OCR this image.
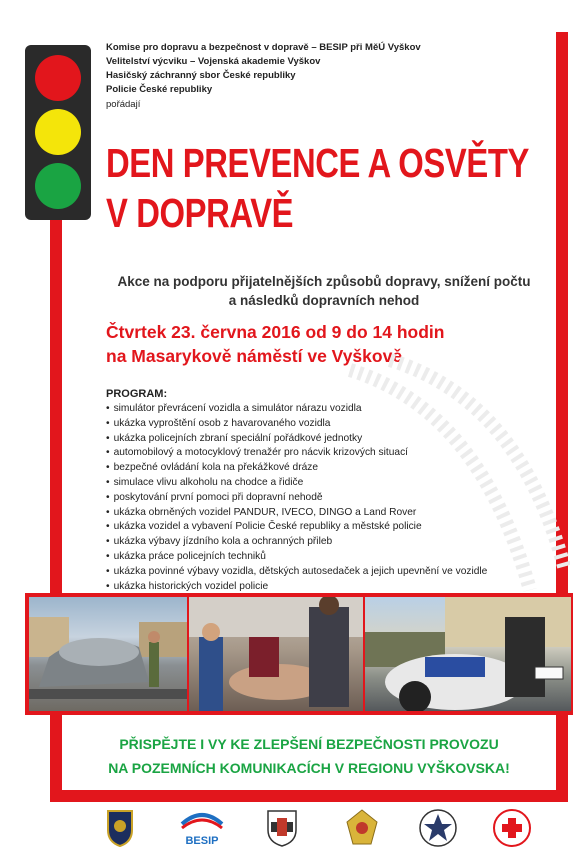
Komise pro dopravu a bezpečnost v dopravě – BESIP při MěÚ Vyškov
Velitelství výcviku – Vojenská akademie Vyškov
Hasičský záchranný sbor České republiky
Policie České republiky
pořádají
DEN PREVENCE A OSVĚTY
V DOPRAVĚ
Akce na podporu přijatelnějších způsobů dopravy, snížení počtu
a následků dopravních nehod
Čtvrtek 23. června 2016 od 9 do 14 hodin
na Masarykově náměstí ve Vyškově
PROGRAM:
• simulátor převrácení vozidla a simulátor nárazu vozidla
• ukázka vyproštění osob z havarovaného vozidla
• ukázka policejních zbraní speciální pořádkové jednotky
• automobilový a motocyklový trenažér pro nácvik krizových situací
• bezpečné ovládání kola na překážkové dráze
• simulace vlivu alkoholu na chodce a řidiče
• poskytování první pomoci při dopravní nehodě
• ukázka obrněných vozidel PANDUR, IVECO, DINGO a Land Rover
• ukázka vozidel a vybavení Policie České republiky a městské policie
• ukázka výbavy jízdního kola a ochranných přileb
• ukázka práce policejních techniků
• ukázka povinné výbavy vozidla, dětských autosedaček a jejich upevnění ve vozidle
• ukázka historických vozidel policie
PŘISPĚJTE I VY KE ZLEPŠENÍ BEZPEČNOSTI PROVOZU
NA POZEMNÍCH KOMUNIKACÍCH V REGIONU VYŠKOVSKA!
BESIP
